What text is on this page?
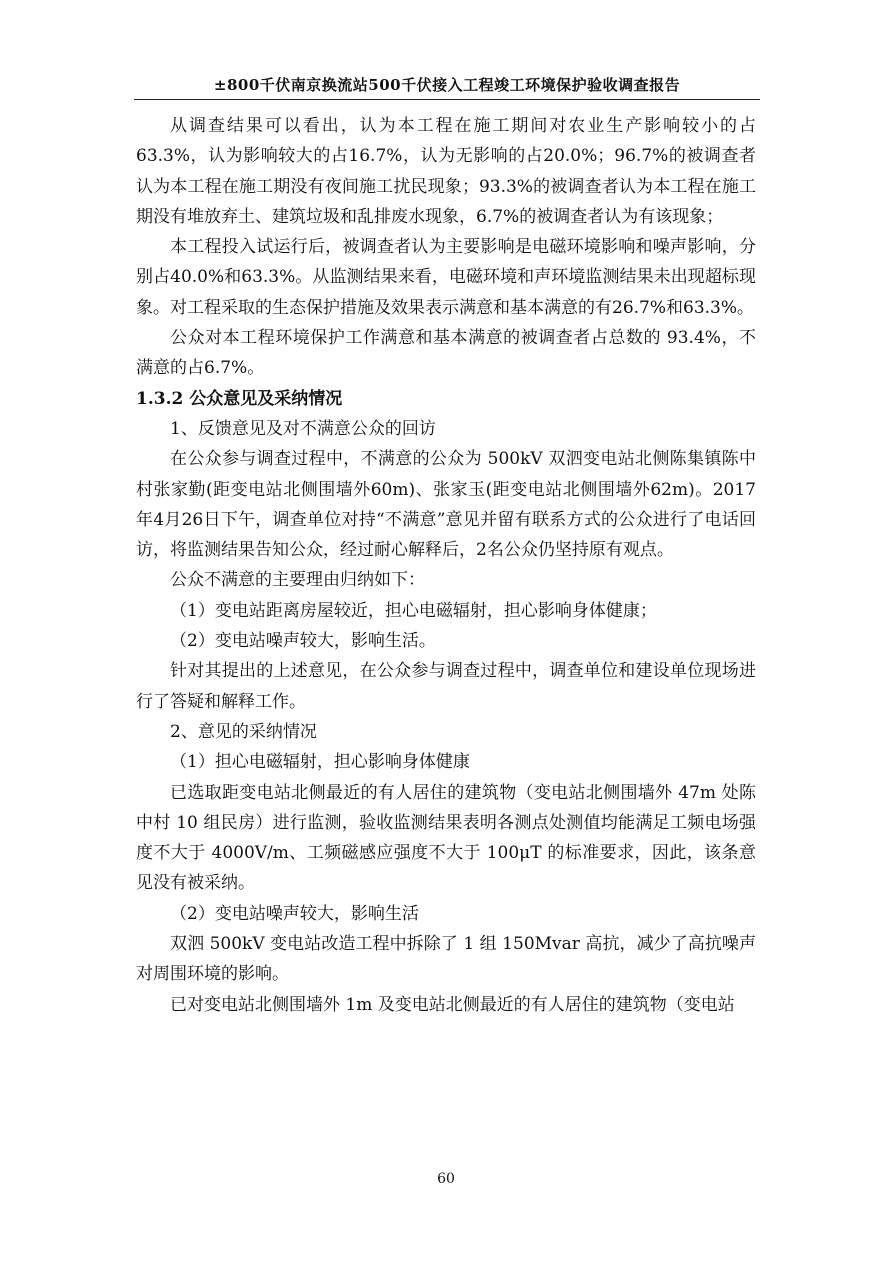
±800千伏南京换流站500千伏接入工程竣工环境保护验收调查报告

从调查结果可以看出，认为本工程在施工期间对农业生产影响较小的占63.3%，认为影响较大的占16.7%，认为无影响的占20.0%；96.7%的被调查者认为本工程在施工期没有夜间施工扰民现象；93.3%的被调查者认为本工程在施工期没有堆放弃土、建筑垃圾和乱排废水现象，6.7%的被调查者认为有该现象；

本工程投入试运行后，被调查者认为主要影响是电磁环境影响和噪声影响，分别占40.0%和63.3%。从监测结果来看，电磁环境和声环境监测结果未出现超标现象。对工程采取的生态保护措施及效果表示满意和基本满意的有26.7%和63.3%。

公众对本工程环境保护工作满意和基本满意的被调查者占总数的 93.4%，不满意的占6.7%。

1.3.2 公众意见及采纳情况

1、反馈意见及对不满意公众的回访

在公众参与调查过程中，不满意的公众为 500kV 双泗变电站北侧陈集镇陈中村张家勤(距变电站北侧围墙外60m)、张家玉(距变电站北侧围墙外62m)。2017年4月26日下午，调查单位对持“不满意”意见并留有联系方式的公众进行了电话回访，将监测结果告知公众，经过耐心解释后，2名公众仍坚持原有观点。

公众不满意的主要理由归纳如下：

（1）变电站距离房屋较近，担心电磁辐射，担心影响身体健康；

（2）变电站噪声较大，影响生活。

针对其提出的上述意见，在公众参与调查过程中，调查单位和建设单位现场进行了答疑和解释工作。

2、意见的采纳情况

（1）担心电磁辐射，担心影响身体健康

已选取距变电站北侧最近的有人居住的建筑物（变电站北侧围墙外 47m 处陈中村 10 组民房）进行监测，验收监测结果表明各测点处测值均能满足工频电场强度不大于 4000V/m、工频磁感应强度不大于 100μT 的标准要求，因此，该条意见没有被采纳。

（2）变电站噪声较大，影响生活

双泗 500kV 变电站改造工程中拆除了 1 组 150Mvar 高抗，减少了高抗噪声对周围环境的影响。

已对变电站北侧围墙外 1m 及变电站北侧最近的有人居住的建筑物（变电站

60
